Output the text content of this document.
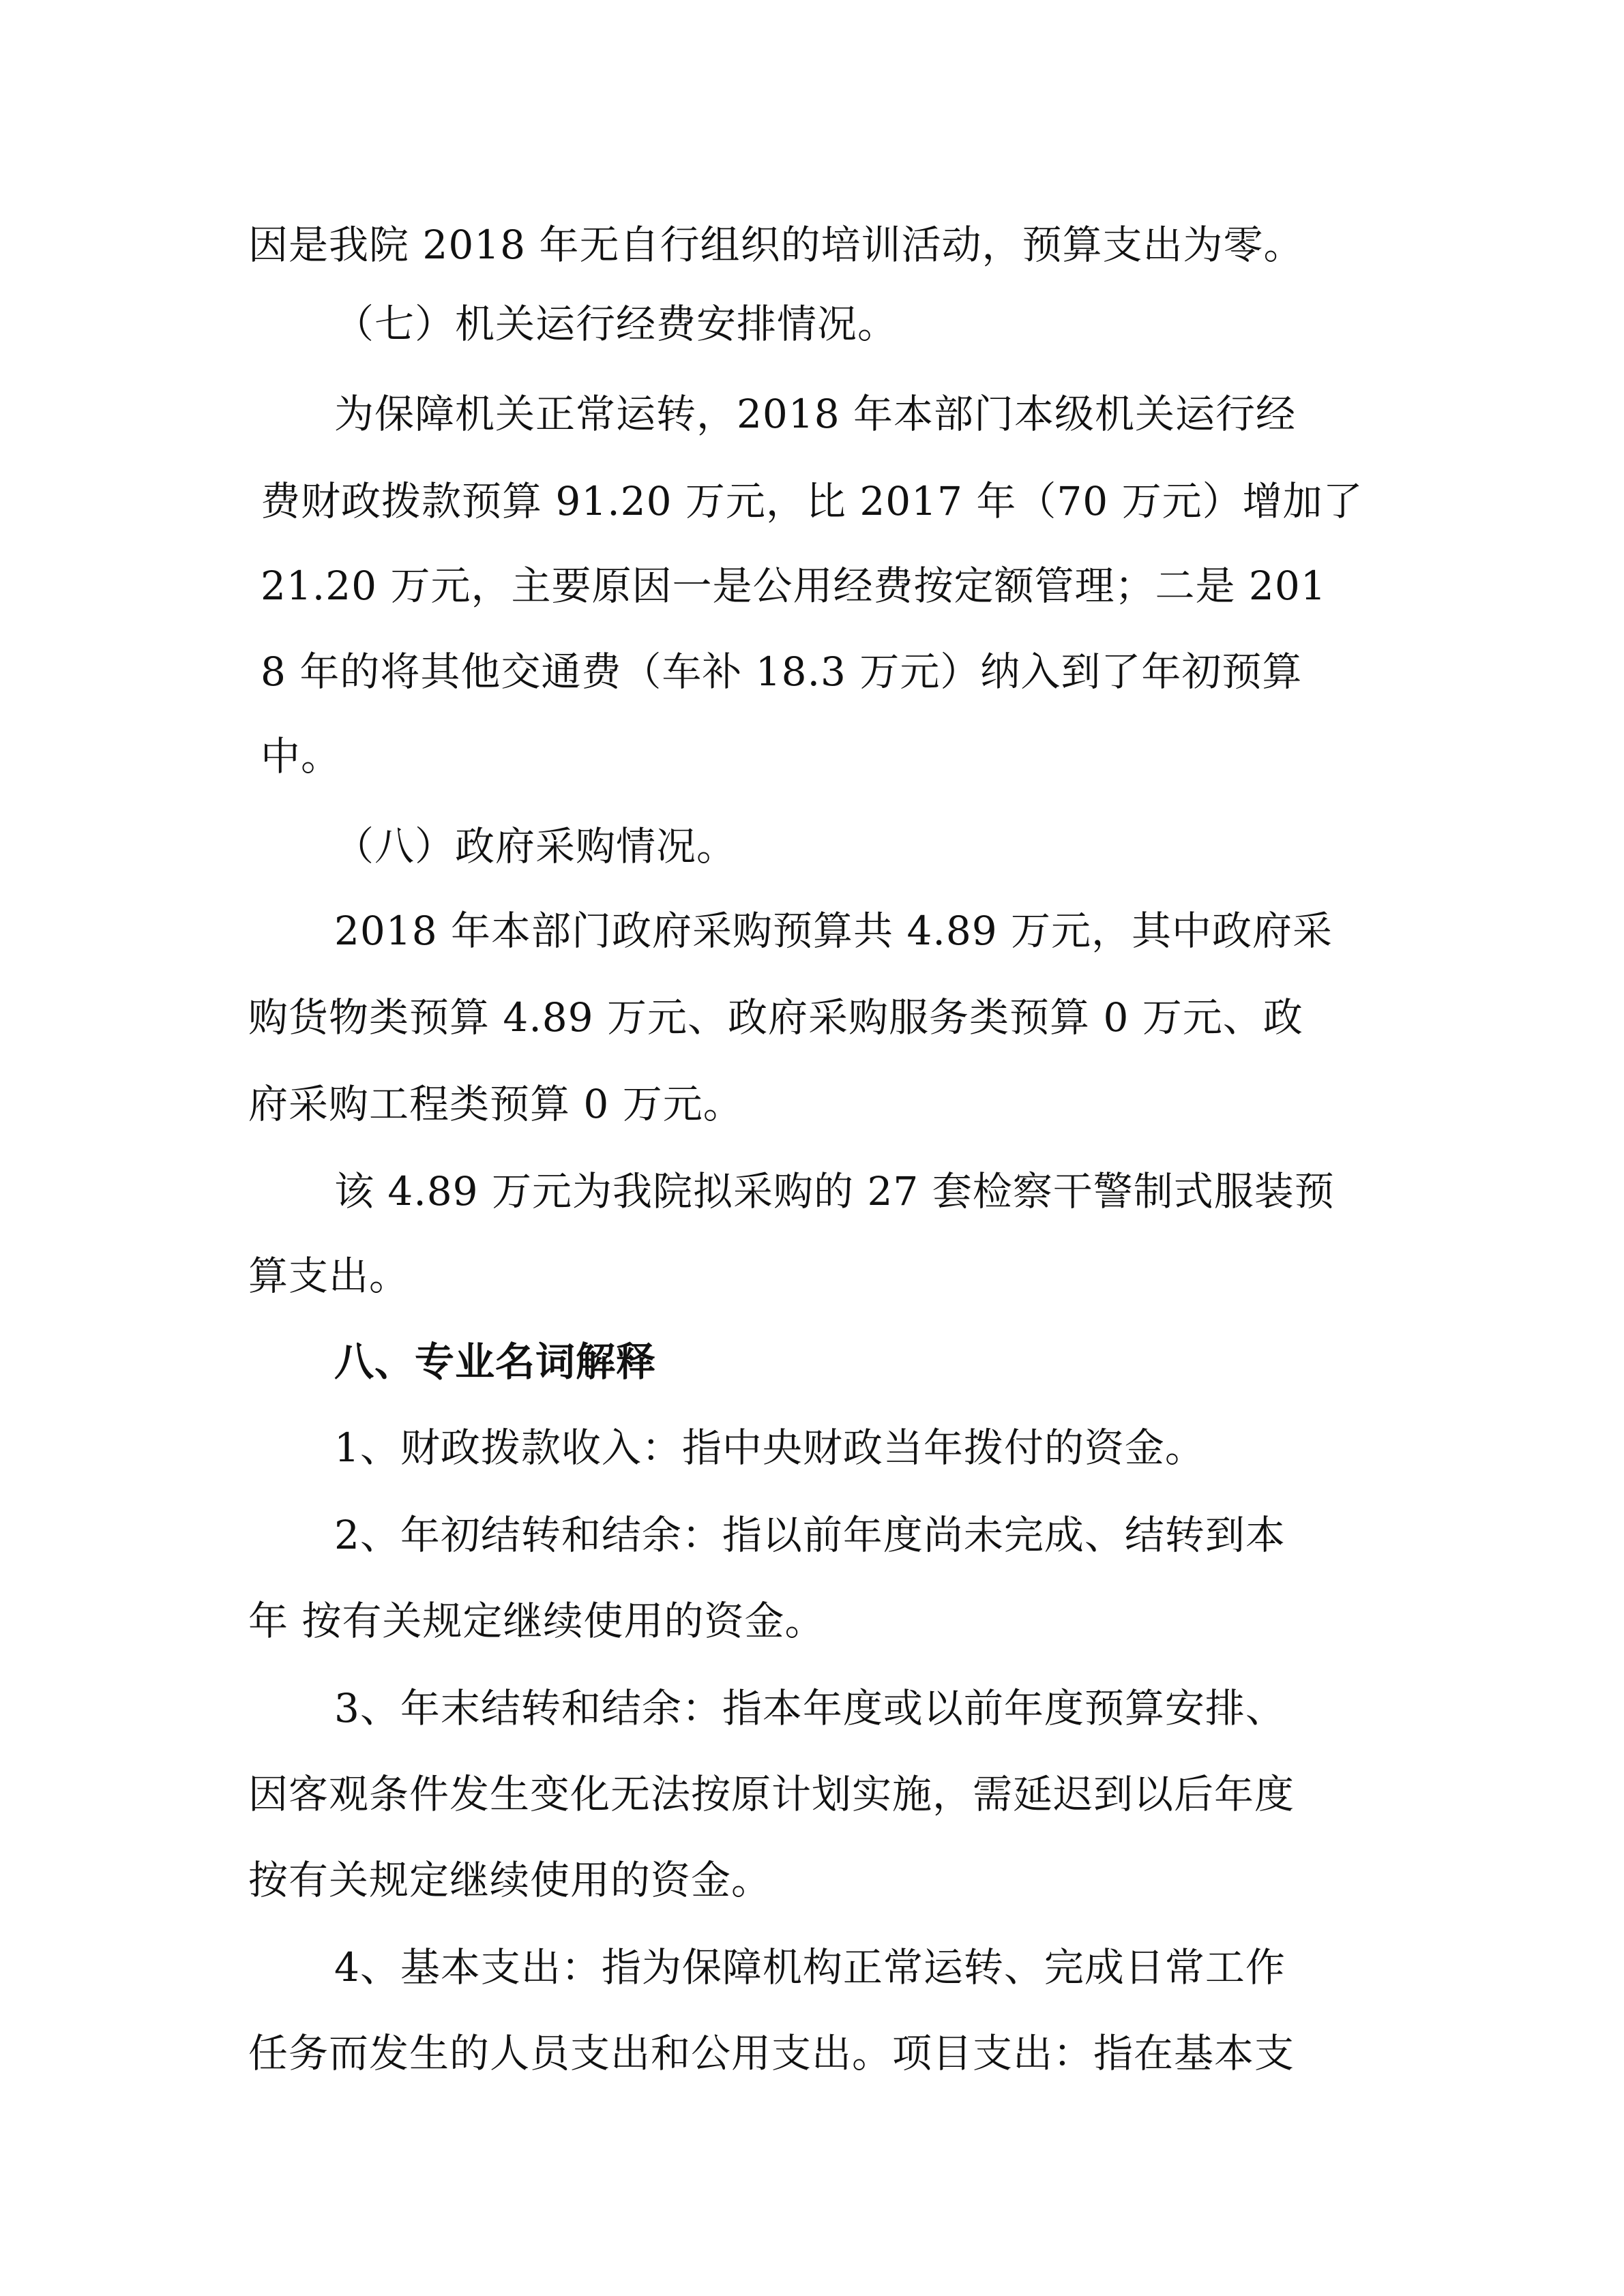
因是我院 2018 年无自行组织的培训活动，预算支出为零。

（七）机关运行经费安排情况。

为保障机关正常运转，2018 年本部门本级机关运行经

费财政拨款预算 91.20 万元，比 2017 年（70 万元）增加了

21.20 万元，主要原因一是公用经费按定额管理；二是 201

8 年的将其他交通费（车补 18.3 万元）纳入到了年初预算

中。

（八）政府采购情况。

2018 年本部门政府采购预算共 4.89 万元，其中政府采

购货物类预算 4.89 万元、政府采购服务类预算 0 万元、政

府采购工程类预算 0 万元。

该 4.89 万元为我院拟采购的 27 套检察干警制式服装预

算支出。

八、专业名词解释

1、财政拨款收入：指中央财政当年拨付的资金。

2、年初结转和结余：指以前年度尚未完成、结转到本

年 按有关规定继续使用的资金。

3、年末结转和结余：指本年度或以前年度预算安排、

因客观条件发生变化无法按原计划实施，需延迟到以后年度

按有关规定继续使用的资金。

4、基本支出：指为保障机构正常运转、完成日常工作

任务而发生的人员支出和公用支出。项目支出：指在基本支
